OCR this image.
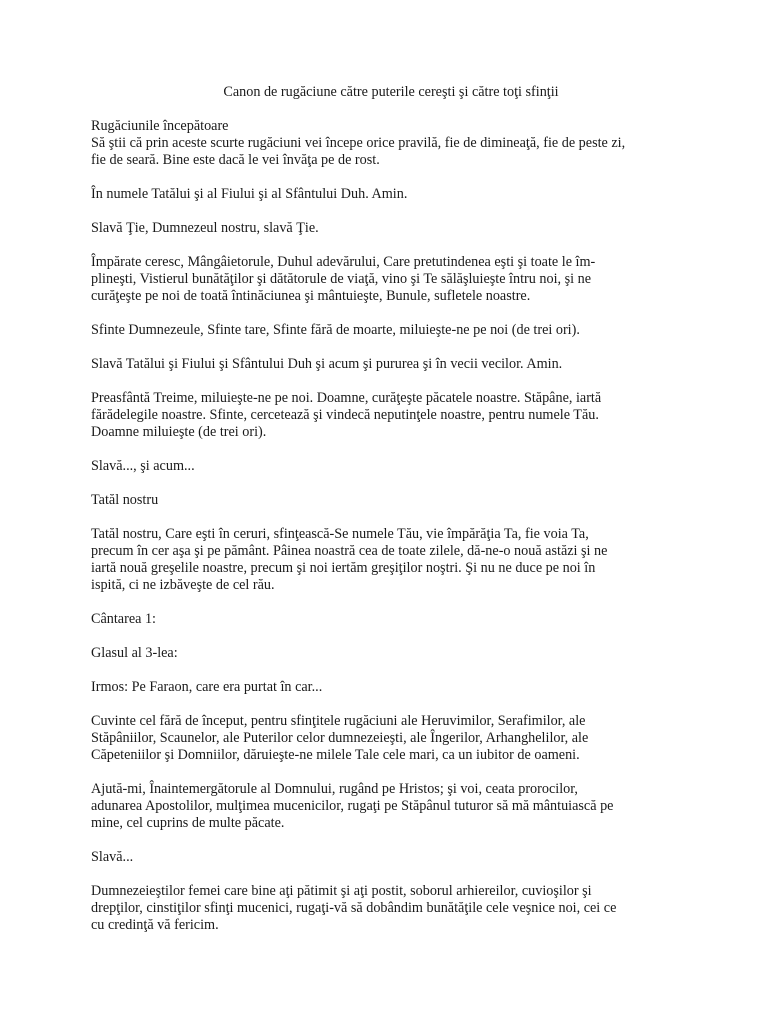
Canon de rugăciune către puterile cereşti şi către toţi sfinţii
Rugăciunile începătoare
Să ştii că prin aceste scurte rugăciuni vei începe orice pravilă, fie de dimineaţă, fie de peste zi,
fie de seară. Bine este dacă le vei învăţa pe de rost.
În numele Tatălui şi al Fiului şi al Sfântului Duh. Amin.
Slavă Ţie, Dumnezeul nostru, slavă Ţie.
Împărate ceresc, Mângâietorule, Duhul adevărului, Care pretutindenea eşti şi toate le îm-
plineşti, Vistierul bunătăţilor şi dătătorule de viaţă, vino şi Te sălăşluieşte întru noi, şi ne
curăţeşte pe noi de toată întinăciunea şi mântuieşte, Bunule, sufletele noastre.
Sfinte Dumnezeule, Sfinte tare, Sfinte fără de moarte, miluieşte-ne pe noi (de trei ori).
Slavă Tatălui şi Fiului şi Sfântului Duh şi acum şi pururea şi în vecii vecilor. Amin.
Preasfântă Treime, miluieşte-ne pe noi. Doamne, curăţeşte păcatele noastre. Stăpâne, iartă
fărădelegile noastre. Sfinte, cercetează şi vindecă neputinţele noastre, pentru numele Tău.
Doamne miluieşte (de trei ori).
Slavă..., şi acum...
Tatăl nostru
Tatăl nostru, Care eşti în ceruri, sfinţească-Se numele Tău, vie împărăţia Ta, fie voia Ta,
precum în cer aşa şi pe pământ. Pâinea noastră cea de toate zilele, dă-ne-o nouă astăzi şi ne
iartă nouă greşelile noastre, precum şi noi iertăm greşiţilor noştri. Şi nu ne duce pe noi în
ispită, ci ne izbăveşte de cel rău.
Cântarea 1:
Glasul al 3-lea:
Irmos: Pe Faraon, care era purtat în car...
Cuvinte cel fără de început, pentru sfinţitele rugăciuni ale Heruvimilor, Serafimilor, ale
Stăpâniilor, Scaunelor, ale Puterilor celor dumnezeieşti, ale Îngerilor, Arhanghelilor, ale
Căpeteniilor şi Domniilor, dăruieşte-ne milele Tale cele mari, ca un iubitor de oameni.
Ajută-mi, Înaintemergătorule al Domnului, rugând pe Hristos; şi voi, ceata prorocilor,
adunarea Apostolilor, mulţimea mucenicilor, rugaţi pe Stăpânul tuturor să mă mântuiască pe
mine, cel cuprins de multe păcate.
Slavă...
Dumnezeieştilor femei care bine aţi pătimit şi aţi postit, soborul arhiereilor, cuvioşilor şi
drepţilor, cinstiţilor sfinţi mucenici, rugaţi-vă să dobândim bunătăţile cele veşnice noi, cei ce
cu credinţă vă fericim.
